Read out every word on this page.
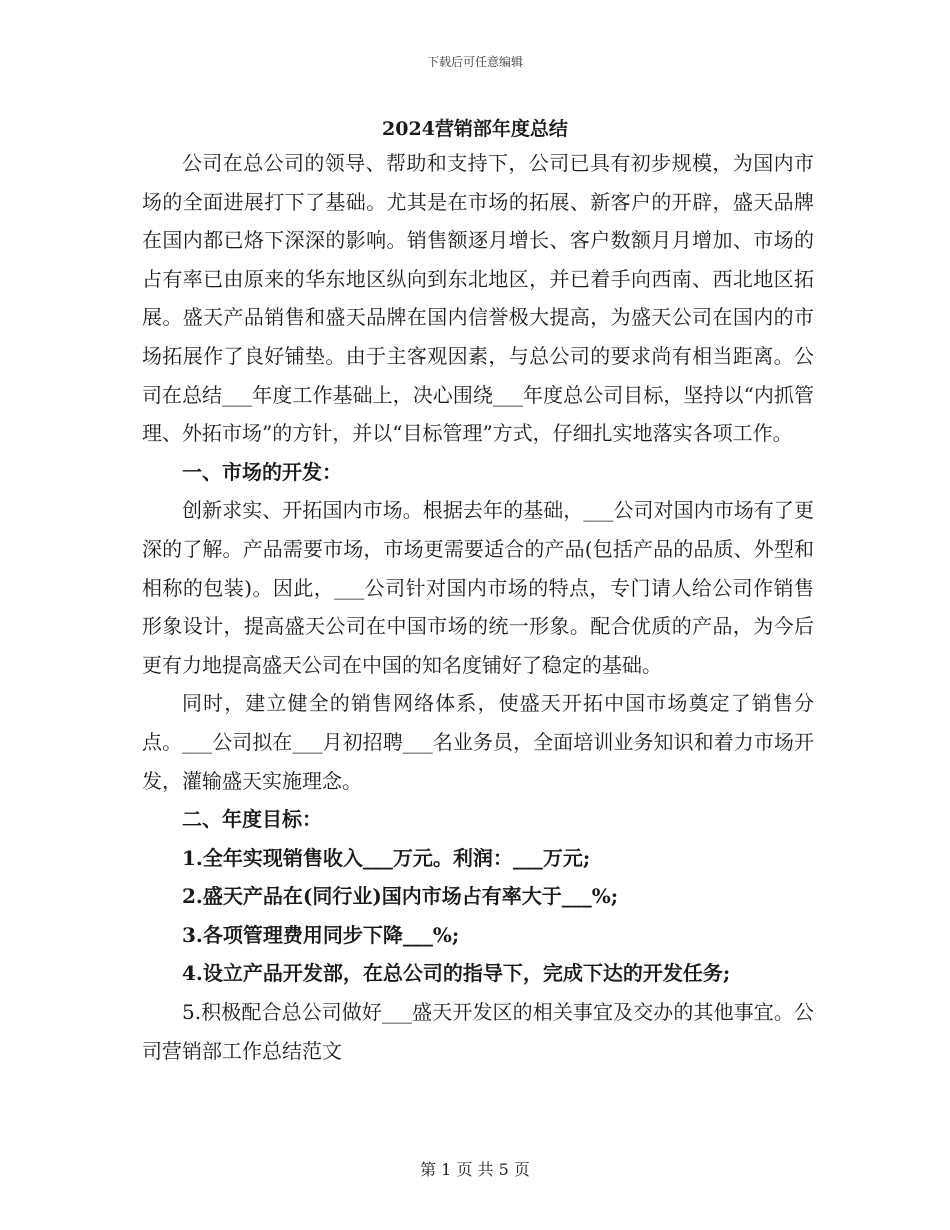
下载后可任意编辑
2024营销部年度总结

公司在总公司的领导、帮助和支持下，公司已具有初步规模，为国内市场的全面进展打下了基础。尤其是在市场的拓展、新客户的开辟，盛天品牌在国内都已烙下深深的影响。销售额逐月增长、客户数额月月增加、市场的占有率已由原来的华东地区纵向到东北地区，并已着手向西南、西北地区拓展。盛天产品销售和盛天品牌在国内信誉极大提高，为盛天公司在国内的市场拓展作了良好铺垫。由于主客观因素，与总公司的要求尚有相当距离。公司在总结___年度工作基础上，决心围绕___年度总公司目标，坚持以“内抓管理、外拓市场”的方针，并以“目标管理”方式，仔细扎实地落实各项工作。

一、市场的开发：

创新求实、开拓国内市场。根据去年的基础，___公司对国内市场有了更深的了解。产品需要市场，市场更需要适合的产品(包括产品的品质、外型和相称的包装)。因此，___公司针对国内市场的特点，专门请人给公司作销售形象设计，提高盛天公司在中国市场的统一形象。配合优质的产品，为今后更有力地提高盛天公司在中国的知名度铺好了稳定的基础。

同时，建立健全的销售网络体系，使盛天开拓中国市场奠定了销售分点。___公司拟在___月初招聘___名业务员，全面培训业务知识和着力市场开发，灌输盛天实施理念。

二、年度目标：

1.全年实现销售收入___万元。利润：___万元;

2.盛天产品在(同行业)国内市场占有率大于___%;

3.各项管理费用同步下降___%;

4.设立产品开发部，在总公司的指导下，完成下达的开发任务;

5.积极配合总公司做好___盛天开发区的相关事宜及交办的其他事宜。公司营销部工作总结范文

第 1 页 共 5 页
